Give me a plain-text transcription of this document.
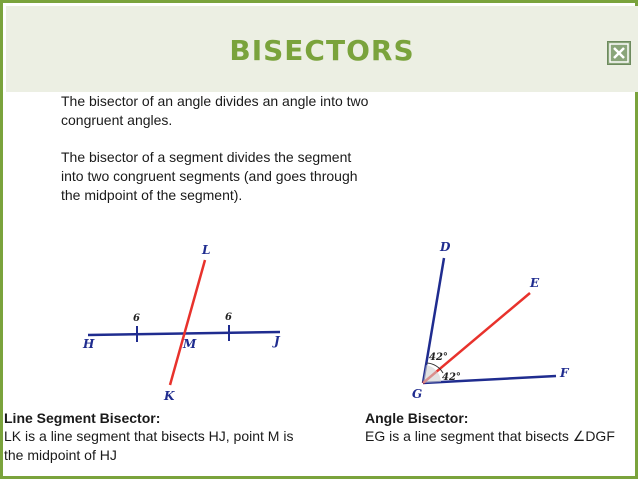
BISECTORS
The bisector of an angle divides an angle into two congruent angles.
The bisector of a segment divides the segment into two congruent segments (and goes through the midpoint of the segment).
L
K
H	M	J
6	6
D
E
F
G
42°
42°
Line Segment Bisector:
LK is a line segment that bisects HJ, point M is
the midpoint of HJ
Angle Bisector:
EG is a line segment that bisects ∠DGF
